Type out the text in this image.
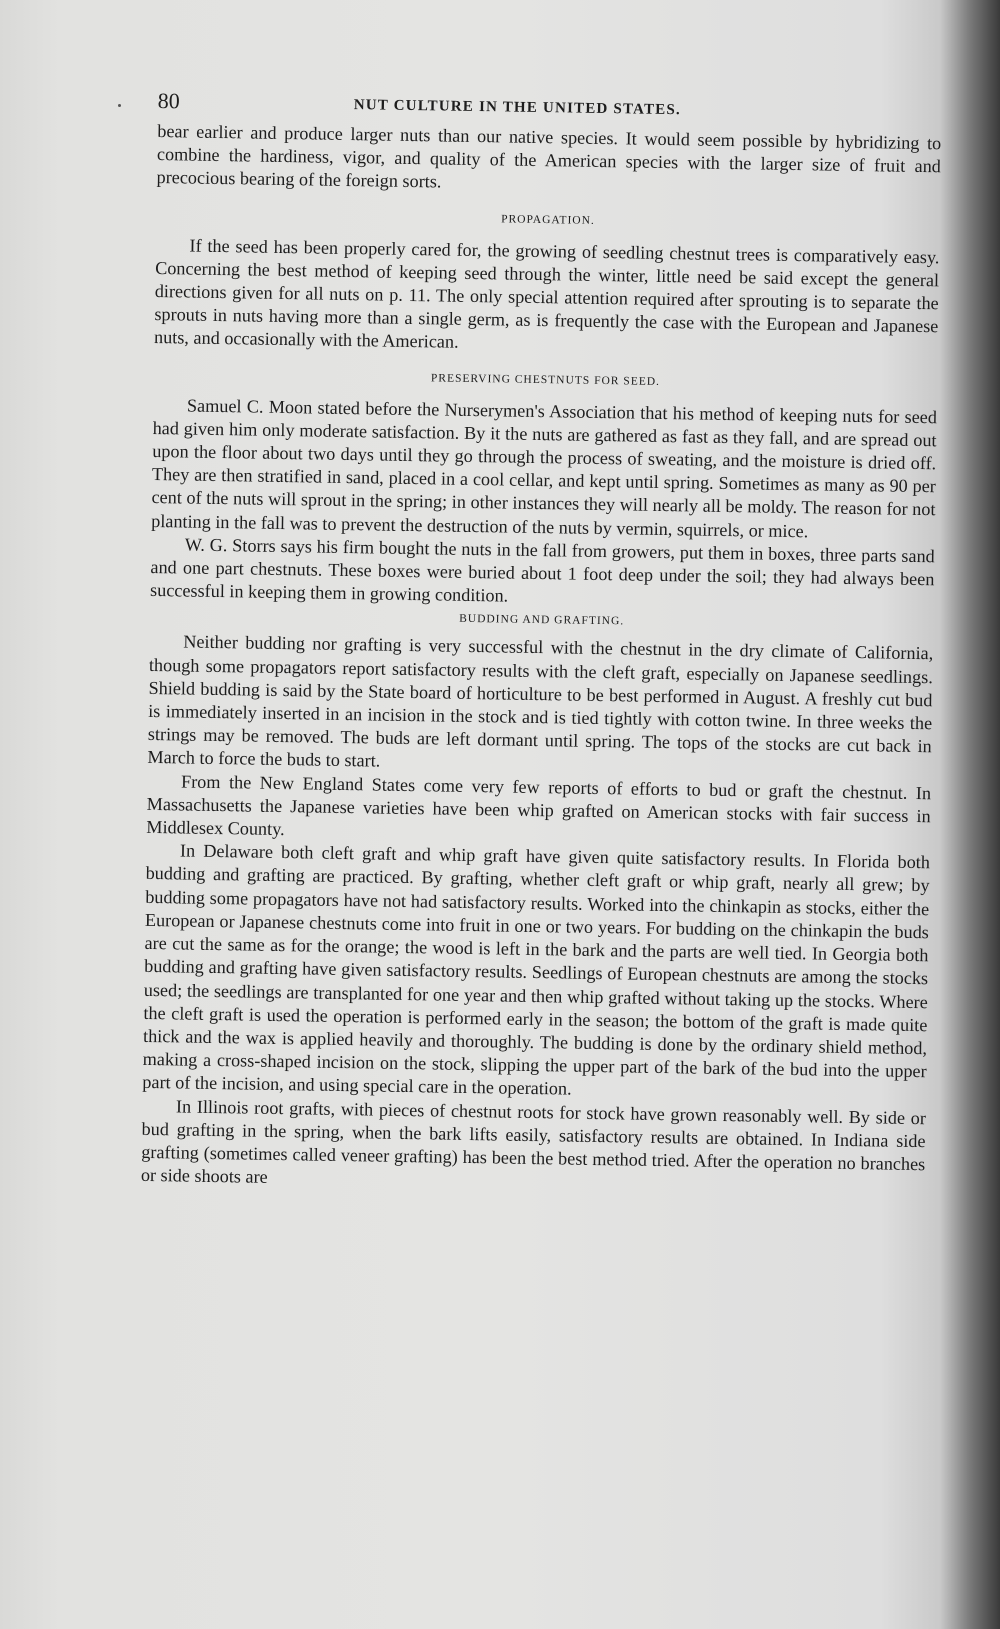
80	NUT CULTURE IN THE UNITED STATES.

bear earlier and produce larger nuts than our native species. It would seem possible by hybridizing to combine the hardiness, vigor, and quality of the American species with the larger size of fruit and precocious bearing of the foreign sorts.

PROPAGATION.

If the seed has been properly cared for, the growing of seedling chestnut trees is comparatively easy. Concerning the best method of keeping seed through the winter, little need be said except the general directions given for all nuts on p. 11. The only special attention required after sprouting is to separate the sprouts in nuts having more than a single germ, as is frequently the case with the European and Japanese nuts, and occasionally with the American.

PRESERVING CHESTNUTS FOR SEED.

Samuel C. Moon stated before the Nurserymen's Association that his method of keeping nuts for seed had given him only moderate satisfaction. By it the nuts are gathered as fast as they fall, and are spread out upon the floor about two days until they go through the process of sweating, and the moisture is dried off. They are then stratified in sand, placed in a cool cellar, and kept until spring. Sometimes as many as 90 per cent of the nuts will sprout in the spring; in other instances they will nearly all be moldy. The reason for not planting in the fall was to prevent the destruction of the nuts by vermin, squirrels, or mice.

W. G. Storrs says his firm bought the nuts in the fall from growers, put them in boxes, three parts sand and one part chestnuts. These boxes were buried about 1 foot deep under the soil; they had always been successful in keeping them in growing condition.

BUDDING AND GRAFTING.

Neither budding nor grafting is very successful with the chestnut in the dry climate of California, though some propagators report satisfactory results with the cleft graft, especially on Japanese seedlings. Shield budding is said by the State board of horticulture to be best performed in August. A freshly cut bud is immediately inserted in an incision in the stock and is tied tightly with cotton twine. In three weeks the strings may be removed. The buds are left dormant until spring. The tops of the stocks are cut back in March to force the buds to start.

From the New England States come very few reports of efforts to bud or graft the chestnut. In Massachusetts the Japanese varieties have been whip grafted on American stocks with fair success in Middlesex County.

In Delaware both cleft graft and whip graft have given quite satisfactory results. In Florida both budding and grafting are practiced. By grafting, whether cleft graft or whip graft, nearly all grew; by budding some propagators have not had satisfactory results. Worked into the chinkapin as stocks, either the European or Japanese chestnuts come into fruit in one or two years. For budding on the chinkapin the buds are cut the same as for the orange; the wood is left in the bark and the parts are well tied. In Georgia both budding and grafting have given satisfactory results. Seedlings of European chestnuts are among the stocks used; the seedlings are transplanted for one year and then whip grafted without taking up the stocks. Where the cleft graft is used the operation is performed early in the season; the bottom of the graft is made quite thick and the wax is applied heavily and thoroughly. The budding is done by the ordinary shield method, making a cross-shaped incision on the stock, slipping the upper part of the bark of the bud into the upper part of the incision, and using special care in the operation.

In Illinois root grafts, with pieces of chestnut roots for stock have grown reasonably well. By side or bud grafting in the spring, when the bark lifts easily, satisfactory results are obtained. In Indiana side grafting (sometimes called veneer grafting) has been the best method tried. After the operation no branches or side shoots are
